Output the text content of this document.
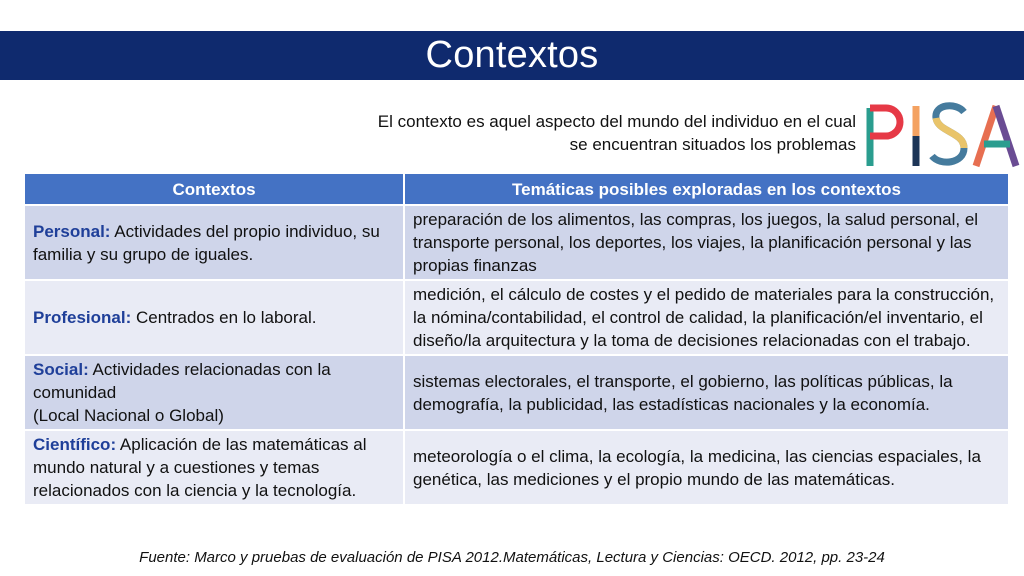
Contextos
El contexto es aquel aspecto del mundo del individuo en el cual
se encuentran situados los problemas
Contextos	Temáticas posibles exploradas en los contextos
Personal: Actividades del propio individuo, su familia y su grupo de iguales.	preparación de los alimentos, las compras, los juegos, la salud personal, el transporte personal, los deportes, los viajes, la planificación personal y las propias finanzas
Profesional: Centrados en lo laboral.	medición, el cálculo de costes y el pedido de materiales para la construcción, la nómina/contabilidad, el control de calidad, la planificación/el inventario, el diseño/la arquitectura y la toma de decisiones relacionadas con el trabajo.
Social: Actividades relacionadas con la comunidad
(Local Nacional o Global)	sistemas electorales, el transporte, el gobierno, las políticas públicas, la demografía, la publicidad, las estadísticas nacionales y la economía.
Científico: Aplicación de las matemáticas al mundo natural y a cuestiones y temas relacionados con la ciencia y la tecnología.	meteorología o el clima, la ecología, la medicina, las ciencias espaciales, la genética, las mediciones y el propio mundo de las matemáticas.
Fuente: Marco y pruebas de evaluación de PISA 2012.Matemáticas, Lectura y Ciencias: OECD. 2012, pp. 23-24
